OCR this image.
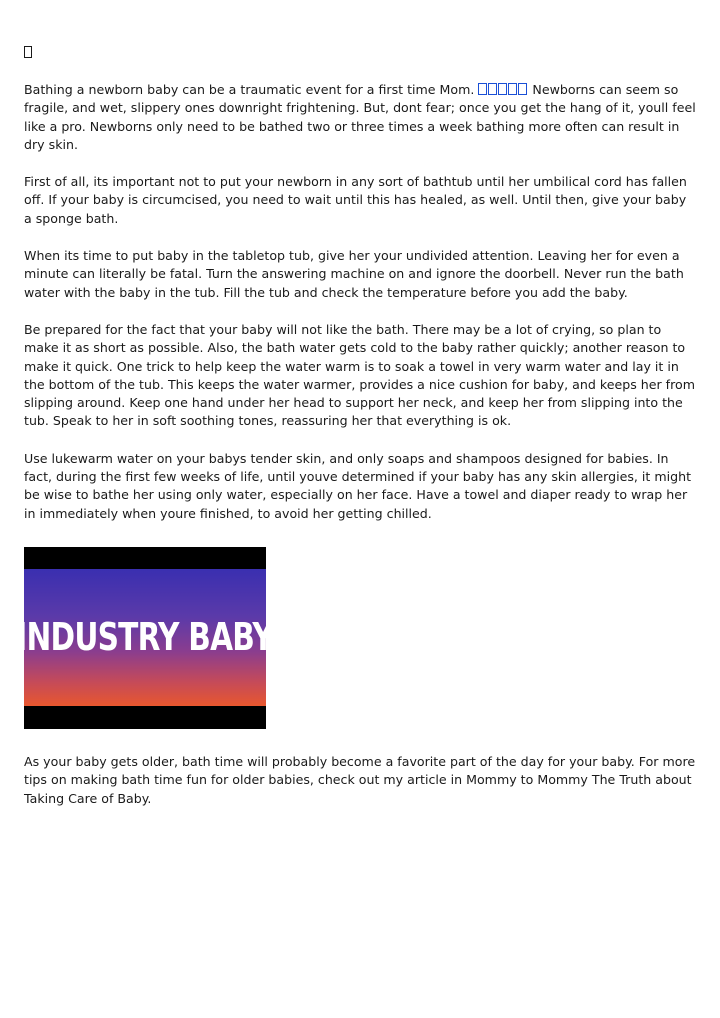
Bathing a newborn baby can be a traumatic event for a first time Mom.	Newborns can seem so fragile, and wet, slippery ones downright frightening. But, dont fear; once you get the hang of it, youll feel like a pro. Newborns only need to be bathed two or three times a week bathing more often can result in dry skin.

First of all, its important not to put your newborn in any sort of bathtub until her umbilical cord has fallen off. If your baby is circumcised, you need to wait until this has healed, as well. Until then, give your baby a sponge bath.

When its time to put baby in the tabletop tub, give her your undivided attention. Leaving her for even a minute can literally be fatal. Turn the answering machine on and ignore the doorbell. Never run the bath water with the baby in the tub. Fill the tub and check the temperature before you add the baby.

Be prepared for the fact that your baby will not like the bath. There may be a lot of crying, so plan to make it as short as possible. Also, the bath water gets cold to the baby rather quickly; another reason to make it quick. One trick to help keep the water warm is to soak a towel in very warm water and lay it in the bottom of the tub. This keeps the water warmer, provides a nice cushion for baby, and keeps her from slipping around. Keep one hand under her head to support her neck, and keep her from slipping into the tub. Speak to her in soft soothing tones, reassuring her that everything is ok.

Use lukewarm water on your babys tender skin, and only soaps and shampoos designed for babies. In fact, during the first few weeks of life, until youve determined if your baby has any skin allergies, it might be wise to bathe her using only water, especially on her face. Have a towel and diaper ready to wrap her in immediately when youre finished, to avoid her getting chilled.

INDUSTRY BABY

As your baby gets older, bath time will probably become a favorite part of the day for your baby. For more tips on making bath time fun for older babies, check out my article in Mommy to Mommy The Truth about Taking Care of Baby.
